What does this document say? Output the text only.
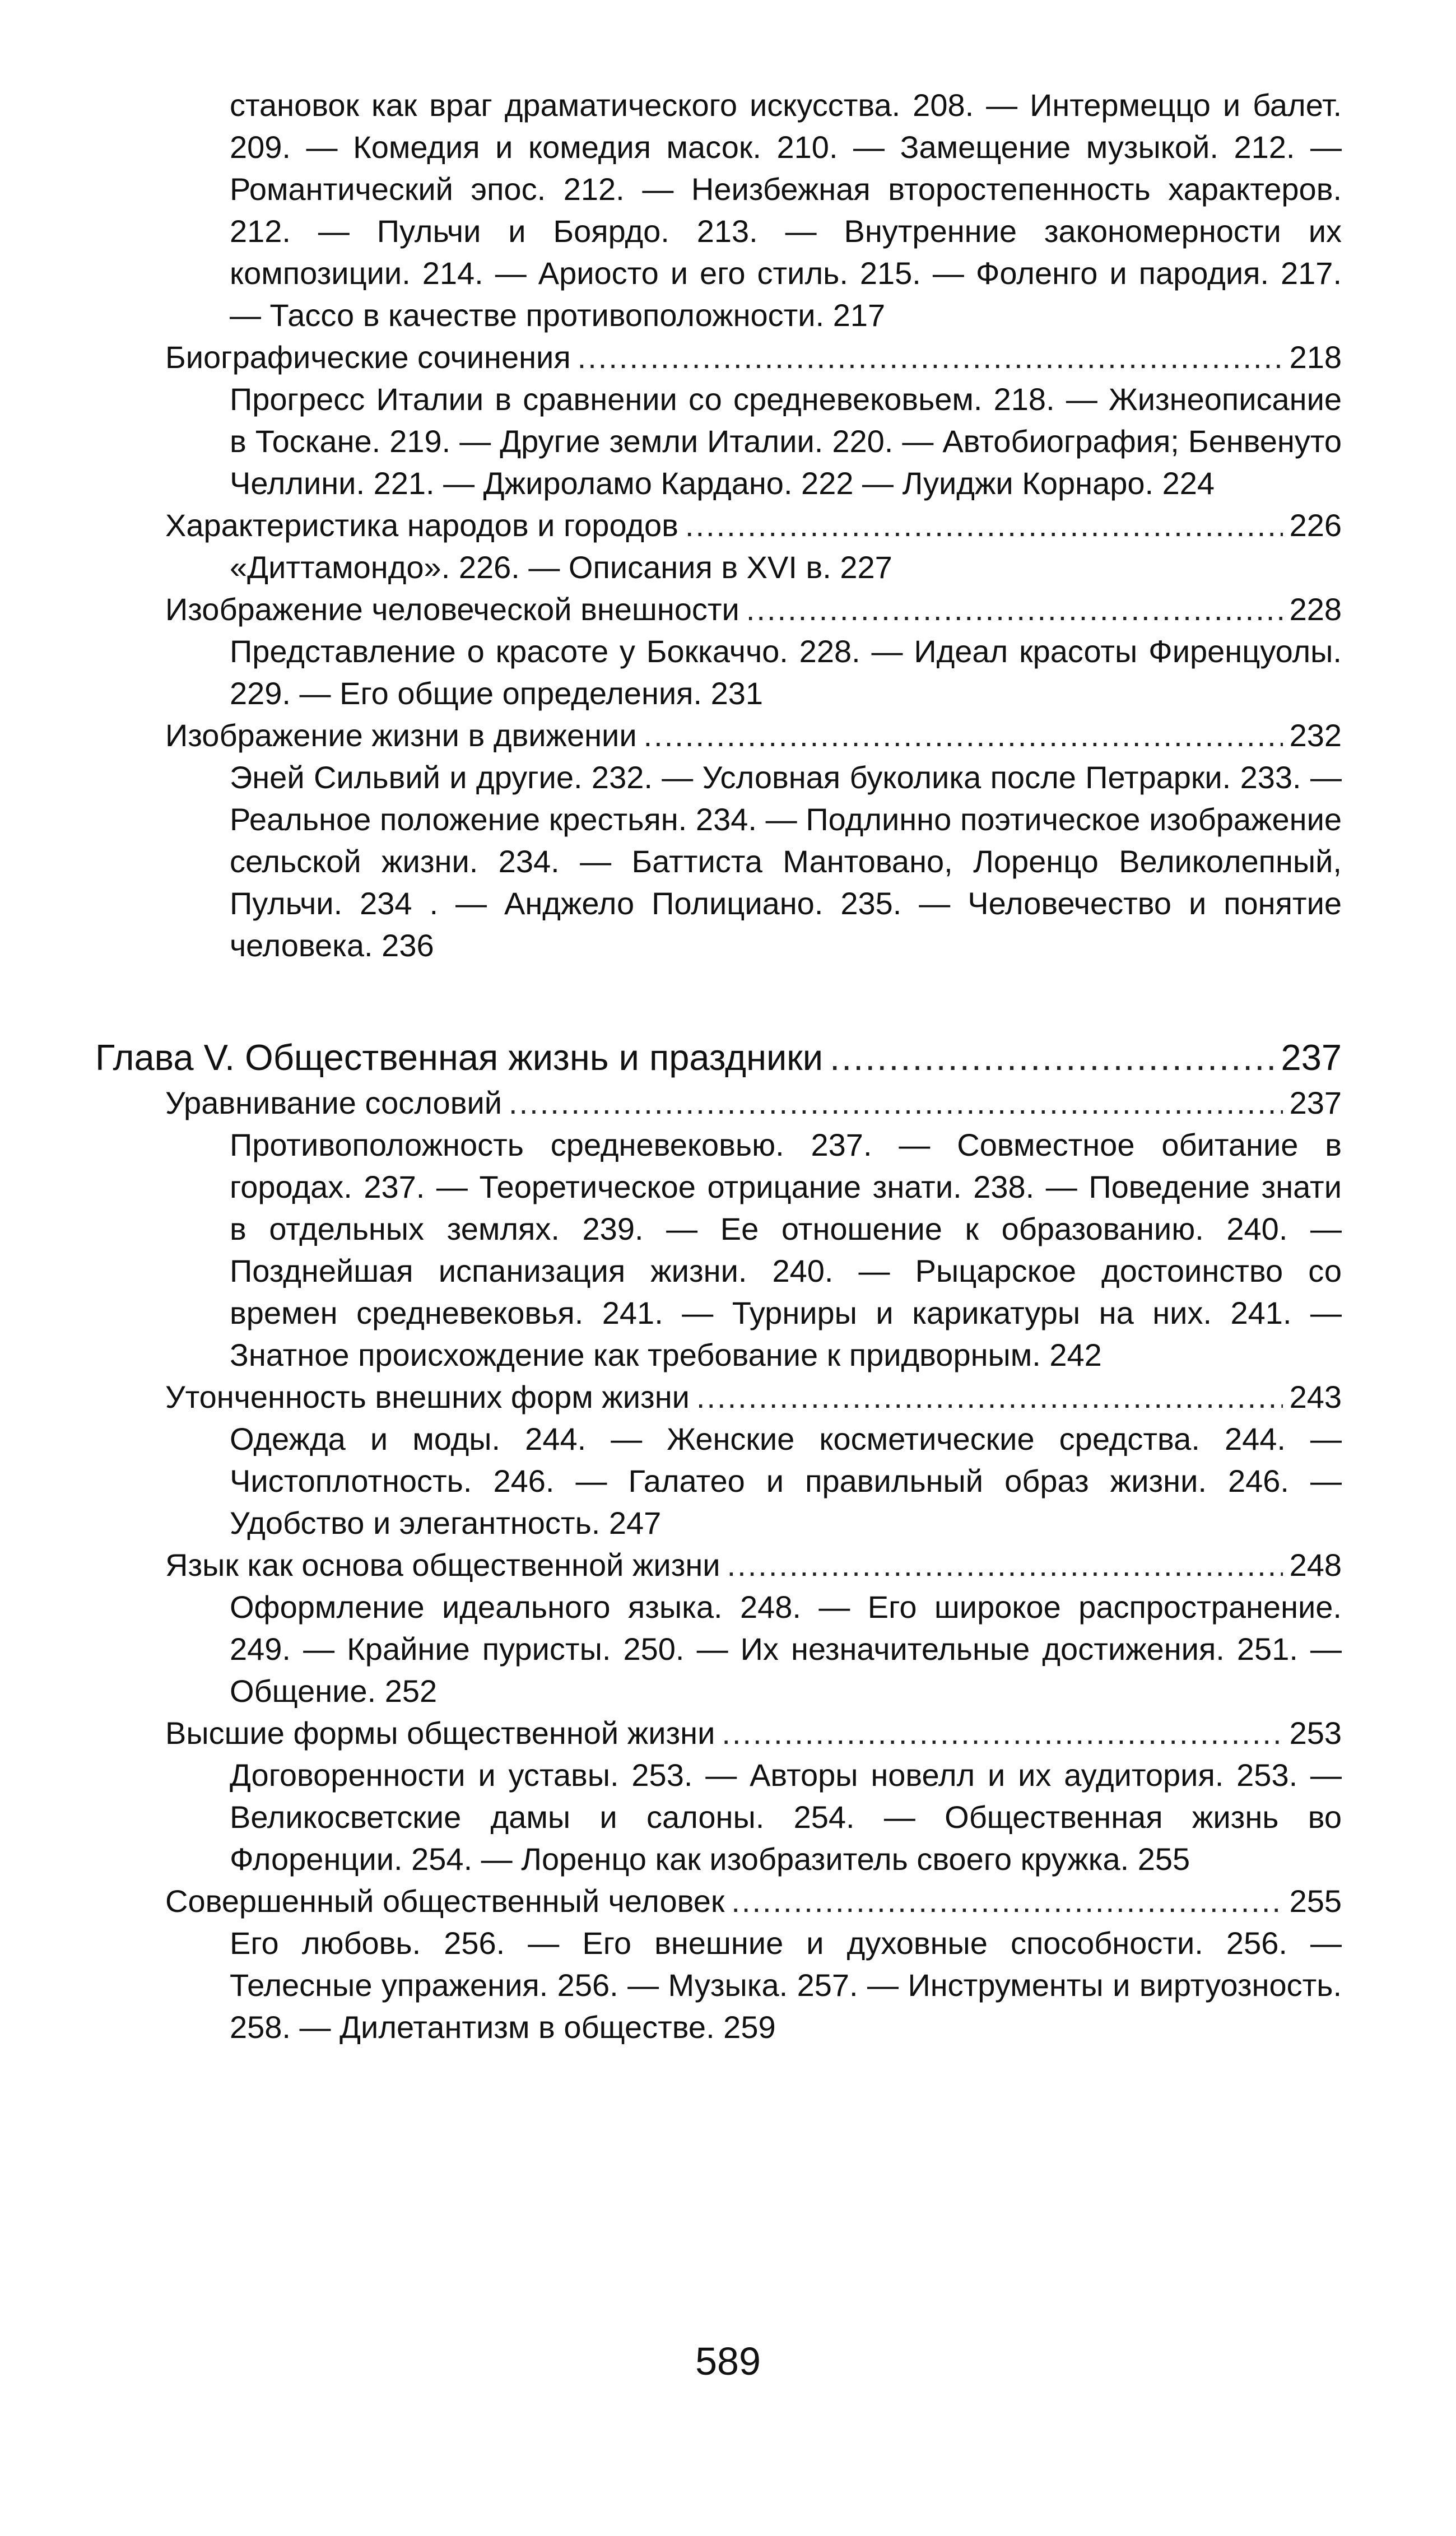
становок как враг драматического искусства. 208. — Интермеццо и балет. 209. — Комедия и комедия масок. 210. — Замещение музыкой. 212. — Романтический эпос. 212. — Неизбежная второстепенность характеров. 212. — Пульчи и Боярдо. 213. — Внутренние закономерности их композиции. 214. — Ариосто и его стиль. 215. — Фоленго и пародия. 217. — Тассо в качестве противоположности. 217
Биографические сочинения .....	218
Прогресс Италии в сравнении со средневековьем. 218. — Жизнеописание в Тоскане. 219. — Другие земли Италии. 220. — Автобиография; Бенвенуто Челлини. 221. — Джироламо Кардано. 222 — Луиджи Корнаро. 224
Характеристика народов и городов .....	226
«Диттамондо». 226. — Описания в XVI в. 227
Изображение человеческой внешности .....	228
Представление о красоте у Боккаччо. 228. — Идеал красоты Фиренцуолы. 229. — Его общие определения. 231
Изображение жизни в движении .....	232
Эней Сильвий и другие. 232. — Условная буколика после Петрарки. 233. — Реальное положение крестьян. 234. — Подлинно поэтическое изображение сельской жизни. 234. — Баттиста Мантовано, Лоренцо Великолепный, Пульчи. 234 . — Анджело Полициано. 235. — Человечество и понятие человека. 236
Глава V. Общественная жизнь и праздники .....	237
Уравнивание сословий .....	237
Противоположность средневековью. 237. — Совместное обитание в городах. 237. — Теоретическое отрицание знати. 238. — Поведение знати в отдельных землях. 239. — Ее отношение к образованию. 240. — Позднейшая испанизация жизни. 240. — Рыцарское достоинство со времен средневековья. 241. — Турниры и карикатуры на них. 241. — Знатное происхождение как требование к придворным. 242
Утонченность внешних форм жизни .....	243
Одежда и моды. 244. — Женские косметические средства. 244. — Чистоплотность. 246. — Галатео и правильный образ жизни. 246. — Удобство и элегантность. 247
Язык как основа общественной жизни .....	248
Оформление идеального языка. 248. — Его широкое распространение. 249. — Крайние пуристы. 250. — Их незначительные достижения. 251. — Общение. 252
Высшие формы общественной жизни .....	253
Договоренности и уставы. 253. — Авторы новелл и их аудитория. 253. — Великосветские дамы и салоны. 254. — Общественная жизнь во Флоренции. 254. — Лоренцо как изобразитель своего кружка. 255
Совершенный общественный человек .....	255
Его любовь. 256. — Его внешние и духовные способности. 256. — Телесные упражения. 256. — Музыка. 257. — Инструменты и виртуозность. 258. — Дилетантизм в обществе. 259
589
